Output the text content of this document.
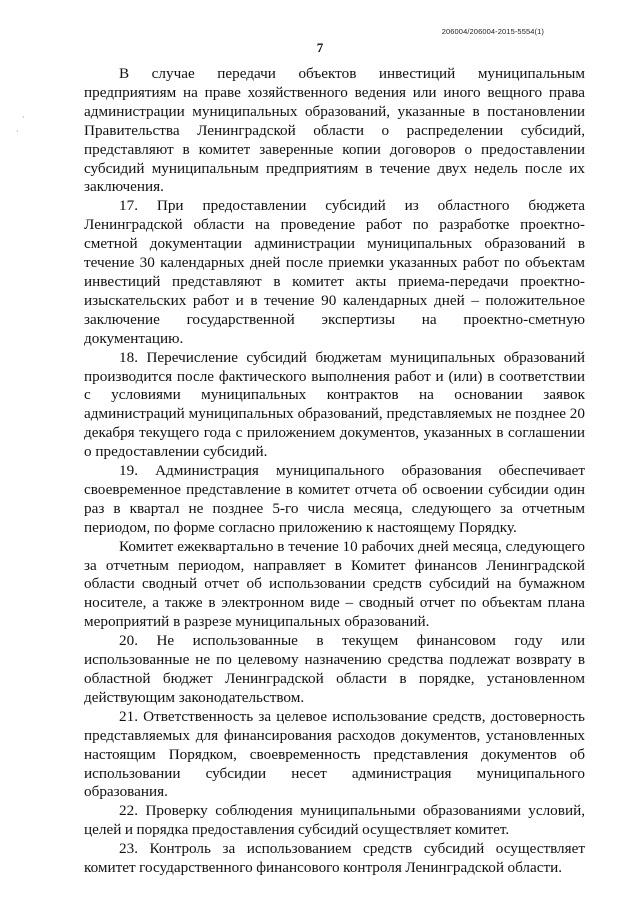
206004/206004-2015-5554(1)
7
·
·

В случае передачи объектов инвестиций муниципальным предприятиям на праве хозяйственного ведения или иного вещного права администрации муниципальных образований, указанные в постановлении Правительства Ленинградской области о распределении субсидий, представляют в комитет заверенные копии договоров о предоставлении субсидий муниципальным предприятиям в течение двух недель после их заключения.

17. При предоставлении субсидий из областного бюджета Ленинградской области на проведение работ по разработке проектно-сметной документации администрации муниципальных образований в течение 30 календарных дней после приемки указанных работ по объектам инвестиций представляют в комитет акты приема-передачи проектно-изыскательских работ и в течение 90 календарных дней – положительное заключение государственной экспертизы на проектно-сметную документацию.

18. Перечисление субсидий бюджетам муниципальных образований производится после фактического выполнения работ и (или) в соответствии с условиями муниципальных контрактов на основании заявок администраций муниципальных образований, представляемых не позднее 20 декабря текущего года с приложением документов, указанных в соглашении о предоставлении субсидий.

19. Администрация муниципального образования обеспечивает своевременное представление в комитет отчета об освоении субсидии один раз в квартал не позднее 5-го числа месяца, следующего за отчетным периодом, по форме согласно приложению к настоящему Порядку.

Комитет ежеквартально в течение 10 рабочих дней месяца, следующего за отчетным периодом, направляет в Комитет финансов Ленинградской области сводный отчет об использовании средств субсидий на бумажном носителе, а также в электронном виде – сводный отчет по объектам плана мероприятий в разрезе муниципальных образований.

20. Не использованные в текущем финансовом году или использованные не по целевому назначению средства подлежат возврату в областной бюджет Ленинградской области в порядке, установленном действующим законодательством.

21. Ответственность за целевое использование средств, достоверность представляемых для финансирования расходов документов, установленных настоящим Порядком, своевременность представления документов об использовании субсидии несет администрация муниципального образования.

22. Проверку соблюдения муниципальными образованиями условий, целей и порядка предоставления субсидий осуществляет комитет.

23. Контроль за использованием средств субсидий осуществляет комитет государственного финансового контроля Ленинградской области.
